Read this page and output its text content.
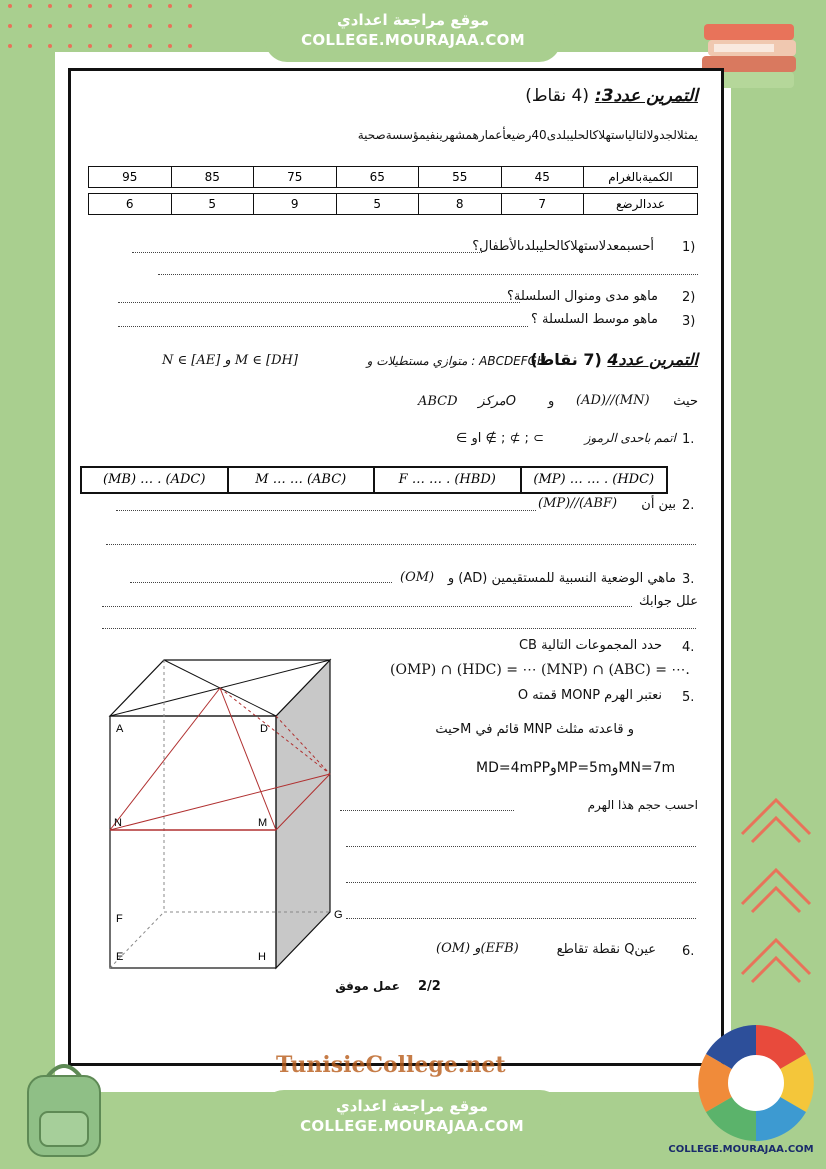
موقع مراجعة اعدادي
COLLEGE.MOURAJAA.COM
التمرين عدد3: (4 نقاط)
يمثلالجدولالتالياستهلاكالحليبلدى40رضيعأعمارهمشهرينفيمؤسسةصحية
الكميةبالغرام	45	55	65	75	85	95
عددالرضع	7	8	5	9	5	6
1)
أحسبمعدلاستهلاكالحليبلدىالأطفال؟
2)
ماهو مدى ومنوال السلسلة؟
3)
ماهو موسط السلسلة ؟
التمرين عدد4 (7 نقاط)
ABCDEFGH : متوازي مستطيلات و
N ∈ [AE] و M ∈ [DH]
حيث
(AD)//(MN)
و
Oمركز
ABCD
1.
اتمم باحدى الرموز
∈ او ∉ ; ⊄ ; ⊂
(MB) … . (ADC)	M … … (ABC)	F … … . (HBD)	(MP) … … . (HDC)
2.
بين أن
(MP)//(ABF)
3.
ماهي الوضعية النسبية للمستقيمين (AD) و
(OM)
علل جوابك
4.
حدد المجموعات التالية CB
(OMP) ∩ (HDC) = ⋯ (MNP) ∩ (ABC) = ⋯.
5.
نعتبر الهرم MONP قمته O
و قاعدته مثلث MNP قائم في Mحيث
MD=4mPPوMP=5mوMN=7m
احسب حجم هذا الهرم
6.
عينQ نقطة تقاطع
(OM) و(EFB)
2/2
عمل موفق
A	D
N	M
F
E	H
G
TunisieCollege.net
موقع مراجعة اعدادي
COLLEGE.MOURAJAA.COM
COLLEGE.MOURAJAA.COM
